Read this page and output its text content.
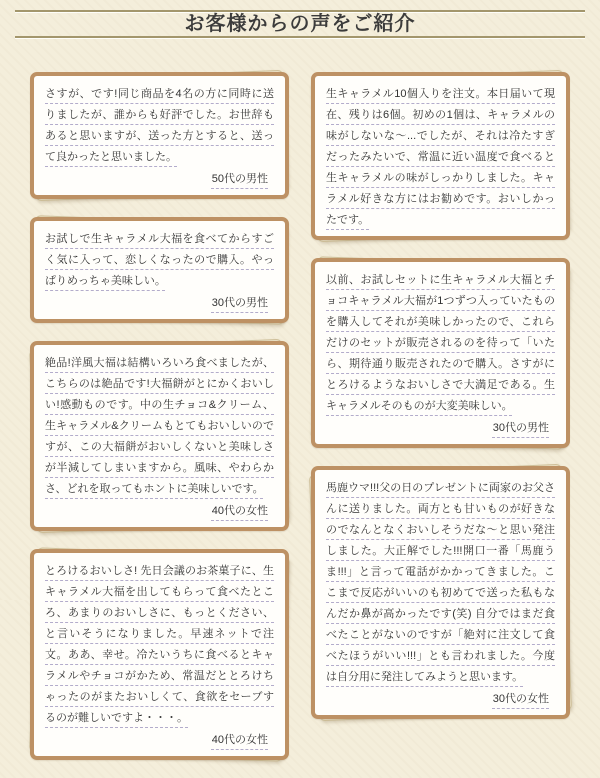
お客様からの声をご紹介

さすが、です!同じ商品を4名の方に同時に送りましたが、誰からも好評でした。お世辞もあると思いますが、送った方とすると、送って良かったと思いました。

50代の男性

お試しで生キャラメル大福を食べてからすごく気に入って、恋しくなったので購入。やっぱりめっちゃ美味しい。

30代の男性

絶品!洋風大福は結構いろいろ食べましたが、こちらのは絶品です!大福餅がとにかくおいしい!感動ものです。中の生チョコ&クリーム、生キャラメル&クリームもとてもおいしいのですが、この大福餅がおいしくないと美味しさが半減してしまいますから。風味、やわらかさ、どれを取ってもホントに美味しいです。

40代の女性

とろけるおいしさ! 先日会議のお茶菓子に、生キャラメル大福を出してもらって食べたところ、あまりのおいしさに、もっとください、と言いそうになりました。早速ネットで注文。ああ、幸せ。冷たいうちに食べるとキャラメルやチョコがかため、常温だととろけちゃったのがまたおいしくて、食欲をセーブするのが難しいですよ・・・。

40代の女性

生キャラメル10個入りを注文。本日届いて現在、残りは6個。初めの1個は、キャラメルの味がしないな～...でしたが、それは冷たすぎだったみたいで、常温に近い温度で食べると生キャラメルの味がしっかりしました。キャラメル好きな方にはお勧めです。おいしかったです。

以前、お試しセットに生キャラメル大福とチョコキャラメル大福が1つずつ入っていたものを購入してそれが美味しかったので、これらだけのセットが販売されるのを待って「いたら、期待通り販売されたので購入。さすがにとろけるようなおいしさで大満足である。生キャラメルそのものが大変美味しい。

30代の男性

馬鹿ウマ!!!父の日のプレゼントに両家のお父さんに送りました。両方とも甘いものが好きなのでなんとなくおいしそうだな～と思い発注しました。大正解でした!!!開口一番「馬鹿うま!!!」と言って電話がかかってきました。ここまで反応がいいのも初めてで送った私もなんだか鼻が高かったです(笑) 自分ではまだ食べたことがないのですが「絶対に注文して食べたほうがいい!!!」とも言われました。今度は自分用に発注してみようと思います。

30代の女性
